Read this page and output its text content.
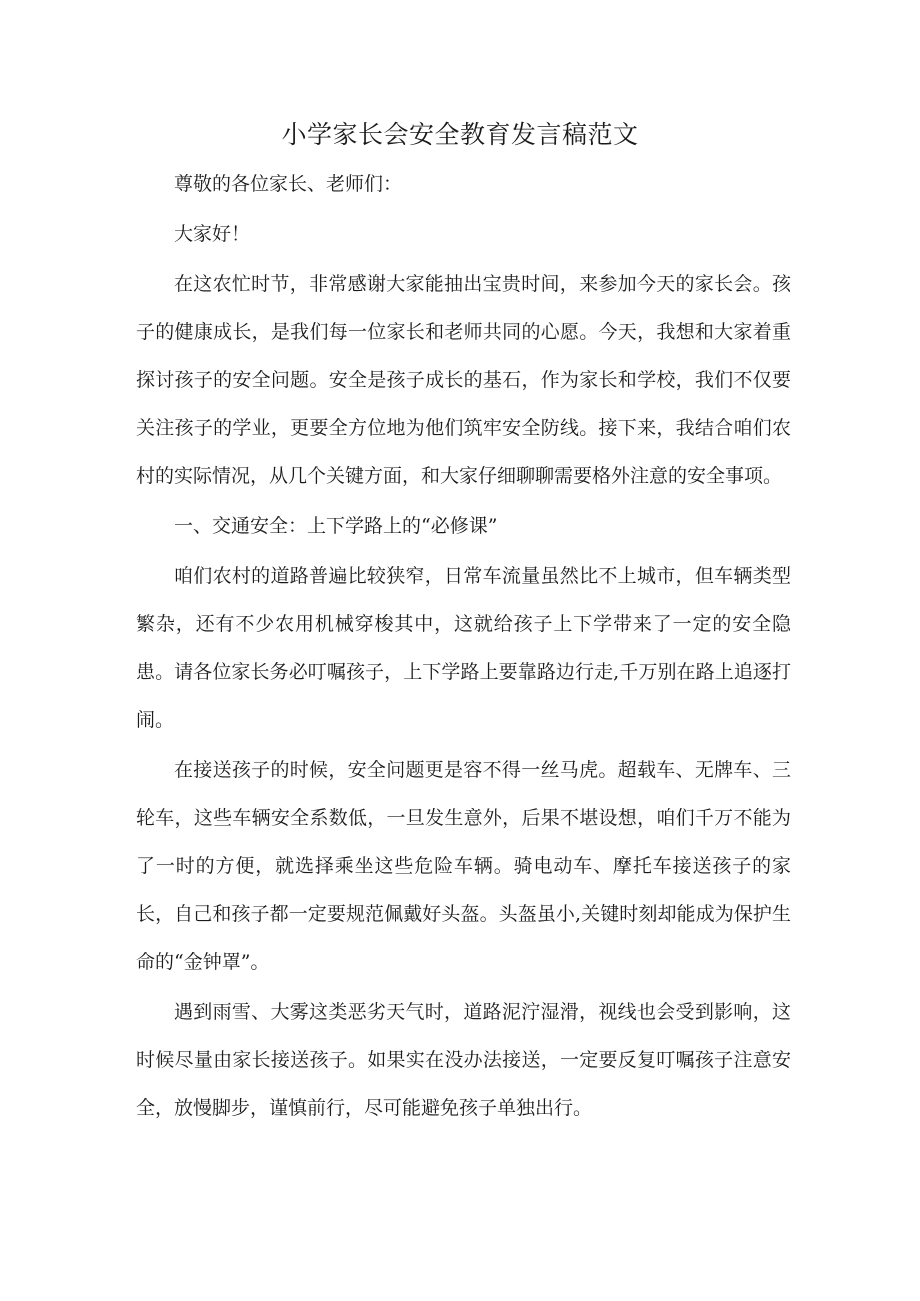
小学家长会安全教育发言稿范文

尊敬的各位家长、老师们：

大家好！

在这农忙时节，非常感谢大家能抽出宝贵时间，来参加今天的家长会。孩子的健康成长，是我们每一位家长和老师共同的心愿。今天，我想和大家着重探讨孩子的安全问题。安全是孩子成长的基石，作为家长和学校，我们不仅要关注孩子的学业，更要全方位地为他们筑牢安全防线。接下来，我结合咱们农村的实际情况，从几个关键方面，和大家仔细聊聊需要格外注意的安全事项。

一、交通安全：上下学路上的“必修课”

咱们农村的道路普遍比较狭窄，日常车流量虽然比不上城市，但车辆类型繁杂，还有不少农用机械穿梭其中，这就给孩子上下学带来了一定的安全隐患。请各位家长务必叮嘱孩子，上下学路上要靠路边行走,千万别在路上追逐打闹。

在接送孩子的时候，安全问题更是容不得一丝马虎。超载车、无牌车、三轮车，这些车辆安全系数低，一旦发生意外，后果不堪设想，咱们千万不能为了一时的方便，就选择乘坐这些危险车辆。骑电动车、摩托车接送孩子的家长，自己和孩子都一定要规范佩戴好头盔。头盔虽小,关键时刻却能成为保护生命的“金钟罩”。

遇到雨雪、大雾这类恶劣天气时，道路泥泞湿滑，视线也会受到影响，这时候尽量由家长接送孩子。如果实在没办法接送，一定要反复叮嘱孩子注意安全，放慢脚步，谨慎前行，尽可能避免孩子单独出行。
